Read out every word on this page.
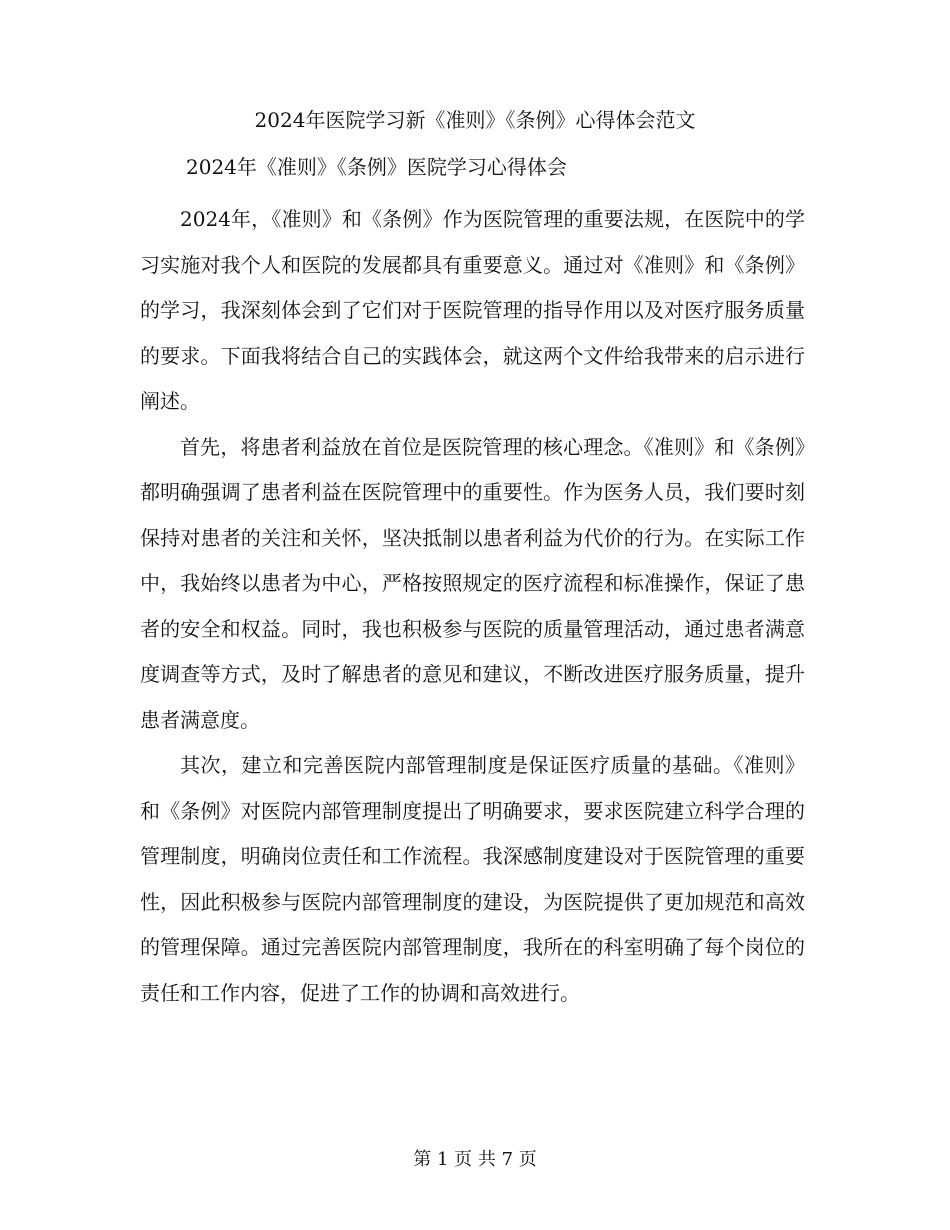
2024年医院学习新《准则》《条例》心得体会范文
2024年《准则》《条例》医院学习心得体会

2024年，《准则》和《条例》作为医院管理的重要法规，在医院中的学习实施对我个人和医院的发展都具有重要意义。通过对《准则》和《条例》的学习，我深刻体会到了它们对于医院管理的指导作用以及对医疗服务质量的要求。下面我将结合自己的实践体会，就这两个文件给我带来的启示进行阐述。

首先，将患者利益放在首位是医院管理的核心理念。《准则》和《条例》都明确强调了患者利益在医院管理中的重要性。作为医务人员，我们要时刻保持对患者的关注和关怀，坚决抵制以患者利益为代价的行为。在实际工作中，我始终以患者为中心，严格按照规定的医疗流程和标准操作，保证了患者的安全和权益。同时，我也积极参与医院的质量管理活动，通过患者满意度调查等方式，及时了解患者的意见和建议，不断改进医疗服务质量，提升患者满意度。

其次，建立和完善医院内部管理制度是保证医疗质量的基础。《准则》和《条例》对医院内部管理制度提出了明确要求，要求医院建立科学合理的管理制度，明确岗位责任和工作流程。我深感制度建设对于医院管理的重要性，因此积极参与医院内部管理制度的建设，为医院提供了更加规范和高效的管理保障。通过完善医院内部管理制度，我所在的科室明确了每个岗位的责任和工作内容，促进了工作的协调和高效进行。

第 1 页 共 7 页
